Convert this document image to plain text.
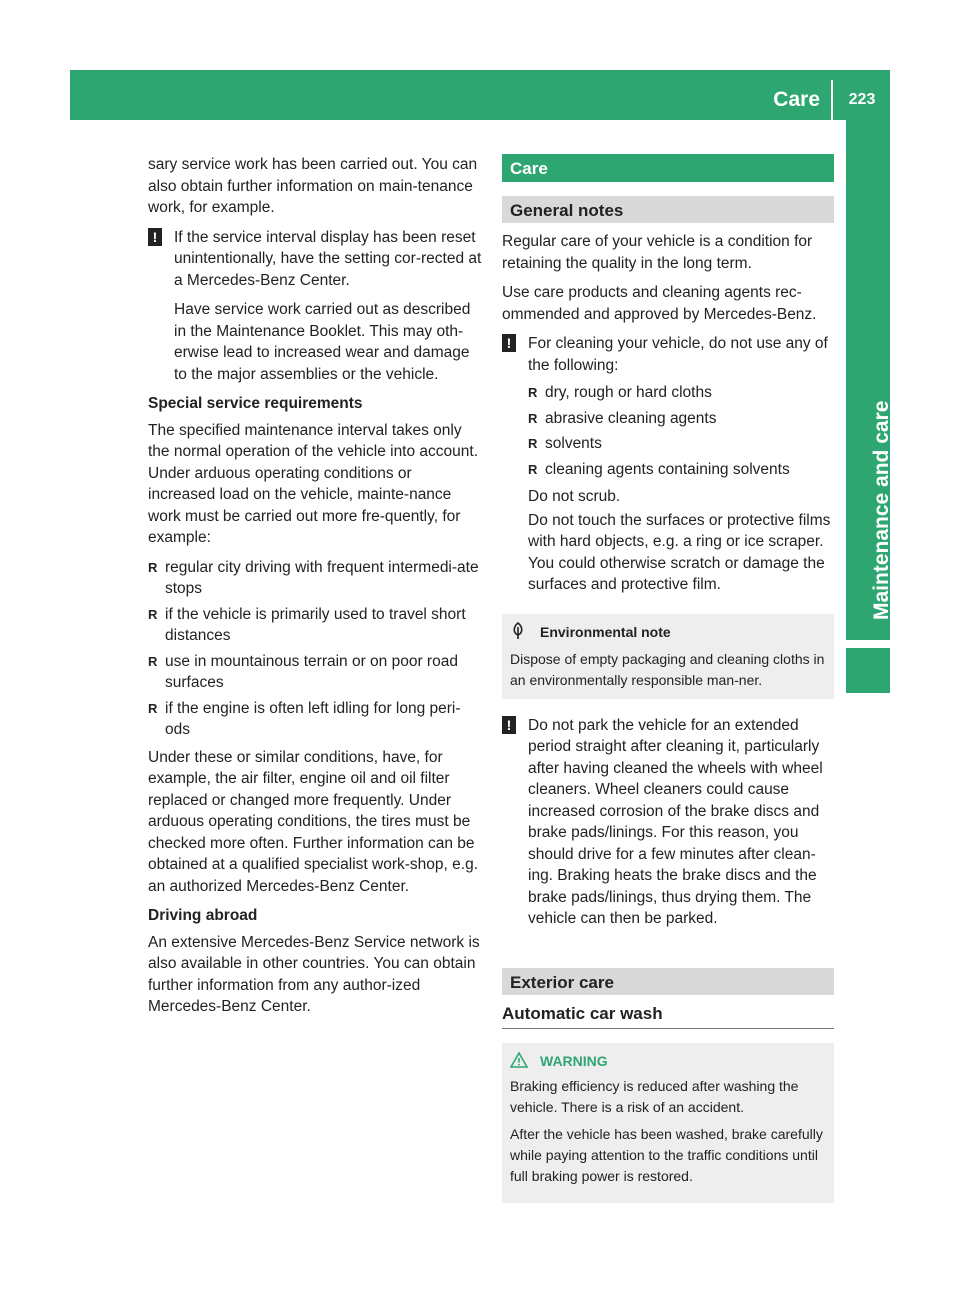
Care	223
Maintenance and care

sary service work has been carried out. You can also obtain further information on main-tenance work, for example.

!	If the service interval display has been reset unintentionally, have the setting cor-rected at a Mercedes-Benz Center.

Have service work carried out as described in the Maintenance Booklet. This may oth-erwise lead to increased wear and damage to the major assemblies or the vehicle.

Special service requirements

The specified maintenance interval takes only the normal operation of the vehicle into account. Under arduous operating conditions or increased load on the vehicle, mainte-nance work must be carried out more fre-quently, for example:

R regular city driving with frequent intermedi-ate stops
R if the vehicle is primarily used to travel short distances
R use in mountainous terrain or on poor road surfaces
R if the engine is often left idling for long peri-ods

Under these or similar conditions, have, for example, the air filter, engine oil and oil filter replaced or changed more frequently. Under arduous operating conditions, the tires must be checked more often. Further information can be obtained at a qualified specialist work-shop, e.g. an authorized Mercedes-Benz Center.

Driving abroad

An extensive Mercedes-Benz Service network is also available in other countries. You can obtain further information from any author-ized Mercedes-Benz Center.

Care
General notes

Regular care of your vehicle is a condition for retaining the quality in the long term.

Use care products and cleaning agents rec-ommended and approved by Mercedes-Benz.

!	For cleaning your vehicle, do not use any of the following:

R dry, rough or hard cloths
R abrasive cleaning agents
R solvents
R cleaning agents containing solvents

Do not scrub.

Do not touch the surfaces or protective films with hard objects, e.g. a ring or ice scraper. You could otherwise scratch or damage the surfaces and protective film.

Environmental note

Dispose of empty packaging and cleaning cloths in an environmentally responsible man-ner.

!	Do not park the vehicle for an extended period straight after cleaning it, particularly after having cleaned the wheels with wheel cleaners. Wheel cleaners could cause increased corrosion of the brake discs and brake pads/linings. For this reason, you should drive for a few minutes after clean-ing. Braking heats the brake discs and the brake pads/linings, thus drying them. The vehicle can then be parked.

Exterior care
Automatic car wash
WARNING

Braking efficiency is reduced after washing the vehicle. There is a risk of an accident.

After the vehicle has been washed, brake carefully while paying attention to the traffic conditions until full braking power is restored.
